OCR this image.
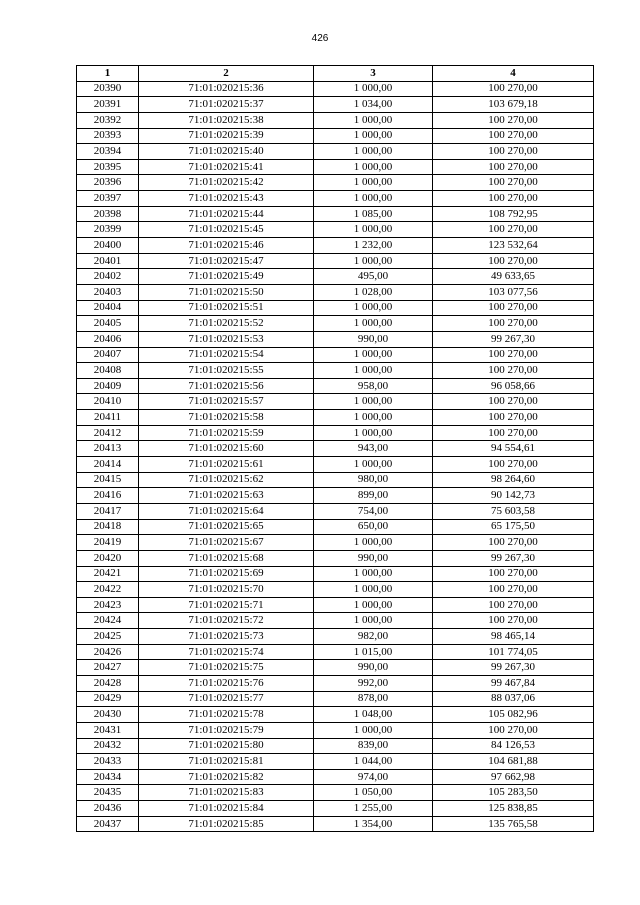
426
1	2	3	4
20390	71:01:020215:36	1 000,00	100 270,00
20391	71:01:020215:37	1 034,00	103 679,18
20392	71:01:020215:38	1 000,00	100 270,00
20393	71:01:020215:39	1 000,00	100 270,00
20394	71:01:020215:40	1 000,00	100 270,00
20395	71:01:020215:41	1 000,00	100 270,00
20396	71:01:020215:42	1 000,00	100 270,00
20397	71:01:020215:43	1 000,00	100 270,00
20398	71:01:020215:44	1 085,00	108 792,95
20399	71:01:020215:45	1 000,00	100 270,00
20400	71:01:020215:46	1 232,00	123 532,64
20401	71:01:020215:47	1 000,00	100 270,00
20402	71:01:020215:49	495,00	49 633,65
20403	71:01:020215:50	1 028,00	103 077,56
20404	71:01:020215:51	1 000,00	100 270,00
20405	71:01:020215:52	1 000,00	100 270,00
20406	71:01:020215:53	990,00	99 267,30
20407	71:01:020215:54	1 000,00	100 270,00
20408	71:01:020215:55	1 000,00	100 270,00
20409	71:01:020215:56	958,00	96 058,66
20410	71:01:020215:57	1 000,00	100 270,00
20411	71:01:020215:58	1 000,00	100 270,00
20412	71:01:020215:59	1 000,00	100 270,00
20413	71:01:020215:60	943,00	94 554,61
20414	71:01:020215:61	1 000,00	100 270,00
20415	71:01:020215:62	980,00	98 264,60
20416	71:01:020215:63	899,00	90 142,73
20417	71:01:020215:64	754,00	75 603,58
20418	71:01:020215:65	650,00	65 175,50
20419	71:01:020215:67	1 000,00	100 270,00
20420	71:01:020215:68	990,00	99 267,30
20421	71:01:020215:69	1 000,00	100 270,00
20422	71:01:020215:70	1 000,00	100 270,00
20423	71:01:020215:71	1 000,00	100 270,00
20424	71:01:020215:72	1 000,00	100 270,00
20425	71:01:020215:73	982,00	98 465,14
20426	71:01:020215:74	1 015,00	101 774,05
20427	71:01:020215:75	990,00	99 267,30
20428	71:01:020215:76	992,00	99 467,84
20429	71:01:020215:77	878,00	88 037,06
20430	71:01:020215:78	1 048,00	105 082,96
20431	71:01:020215:79	1 000,00	100 270,00
20432	71:01:020215:80	839,00	84 126,53
20433	71:01:020215:81	1 044,00	104 681,88
20434	71:01:020215:82	974,00	97 662,98
20435	71:01:020215:83	1 050,00	105 283,50
20436	71:01:020215:84	1 255,00	125 838,85
20437	71:01:020215:85	1 354,00	135 765,58
